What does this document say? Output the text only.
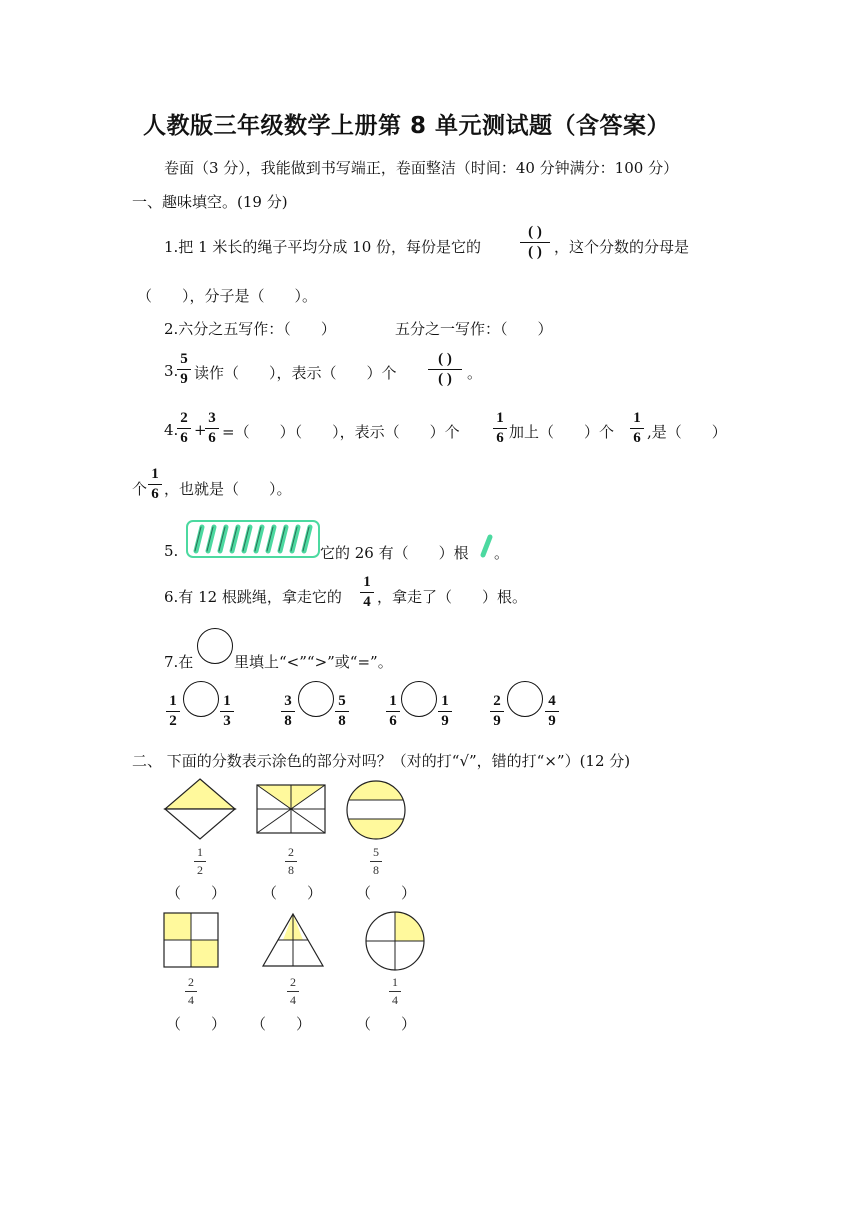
人教版三年级数学上册第 8 单元测试题（含答案）
卷面（3 分），我能做到书写端正，卷面整洁（时间：40 分钟满分：100 分）
一、趣味填空。(19 分)
1.把 1 米长的绳子平均分成 10 份，每份是它的
( )
( ) ，这个分数的分母是
（　　），分子是（　　）。
2.六分之五写作：（　　）	五分之一写作：（　　）
3.
5
9 读作（　　），表示（　　）个
( )
( )	。
4.
2
6 +
3
6 =（　　）（　　），表示（　　）个
1
6 加上（　　）个
1
6 ,是（　　）
个
1
6 ，也就是（　　）。
5.	它的 26 有（　　）根 。
6.有 12 根跳绳，拿走它的
1
4 ，拿走了（　　）根。
7.在	里填上“<”“>”或“=”。
1
2
1
3
3
8
5
8
1
6
1
9
2
9
4
9
二、 下面的分数表示涂色的部分对吗？（对的打“√”，错的打“×”）(12 分)
1
2
2
8
5
8
（　　） （　　） （　　）
2
4
2
4
1
4
（　　） （　　）	（　　）
